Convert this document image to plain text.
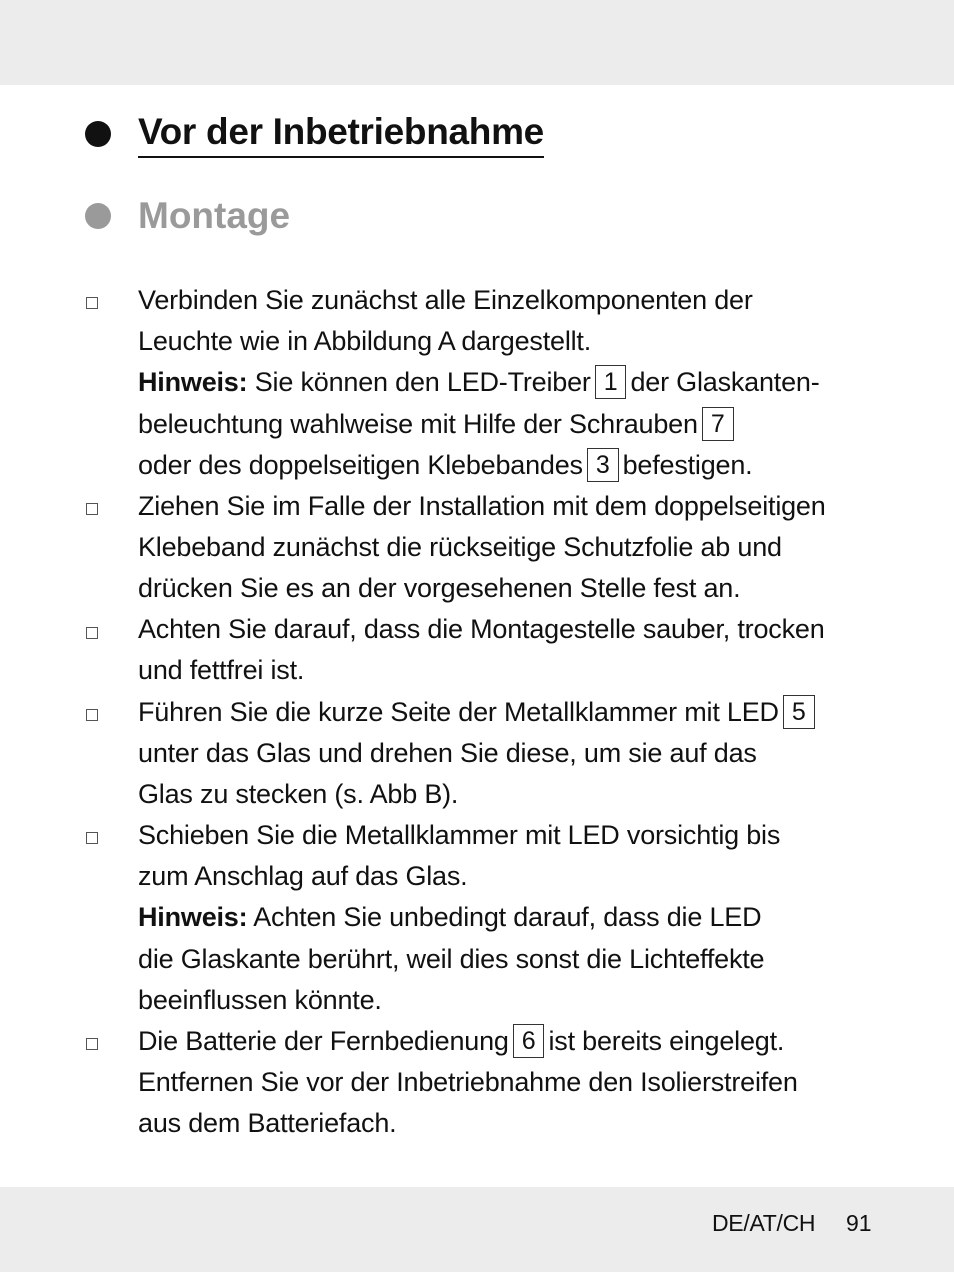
Vor der Inbetriebnahme
Montage
Verbinden Sie zunächst alle Einzelkomponenten der
Leuchte wie in Abbildung A dargestellt.
Hinweis: Sie können den LED-Treiber 1 der Glaskanten-
beleuchtung wahlweise mit Hilfe der Schrauben 7
oder des doppelseitigen Klebebandes 3 befestigen.
Ziehen Sie im Falle der Installation mit dem doppelseitigen
Klebeband zunächst die rückseitige Schutzfolie ab und
drücken Sie es an der vorgesehenen Stelle fest an.
Achten Sie darauf, dass die Montagestelle sauber, trocken
und fettfrei ist.
Führen Sie die kurze Seite der Metallklammer mit LED 5
unter das Glas und drehen Sie diese, um sie auf das
Glas zu stecken (s. Abb B).
Schieben Sie die Metallklammer mit LED vorsichtig bis
zum Anschlag auf das Glas.
Hinweis: Achten Sie unbedingt darauf, dass die LED
die Glaskante berührt, weil dies sonst die Lichteffekte
beeinflussen könnte.
Die Batterie der Fernbedienung 6 ist bereits eingelegt.
Entfernen Sie vor der Inbetriebnahme den Isolierstreifen
aus dem Batteriefach.
DE/AT/CH 91
